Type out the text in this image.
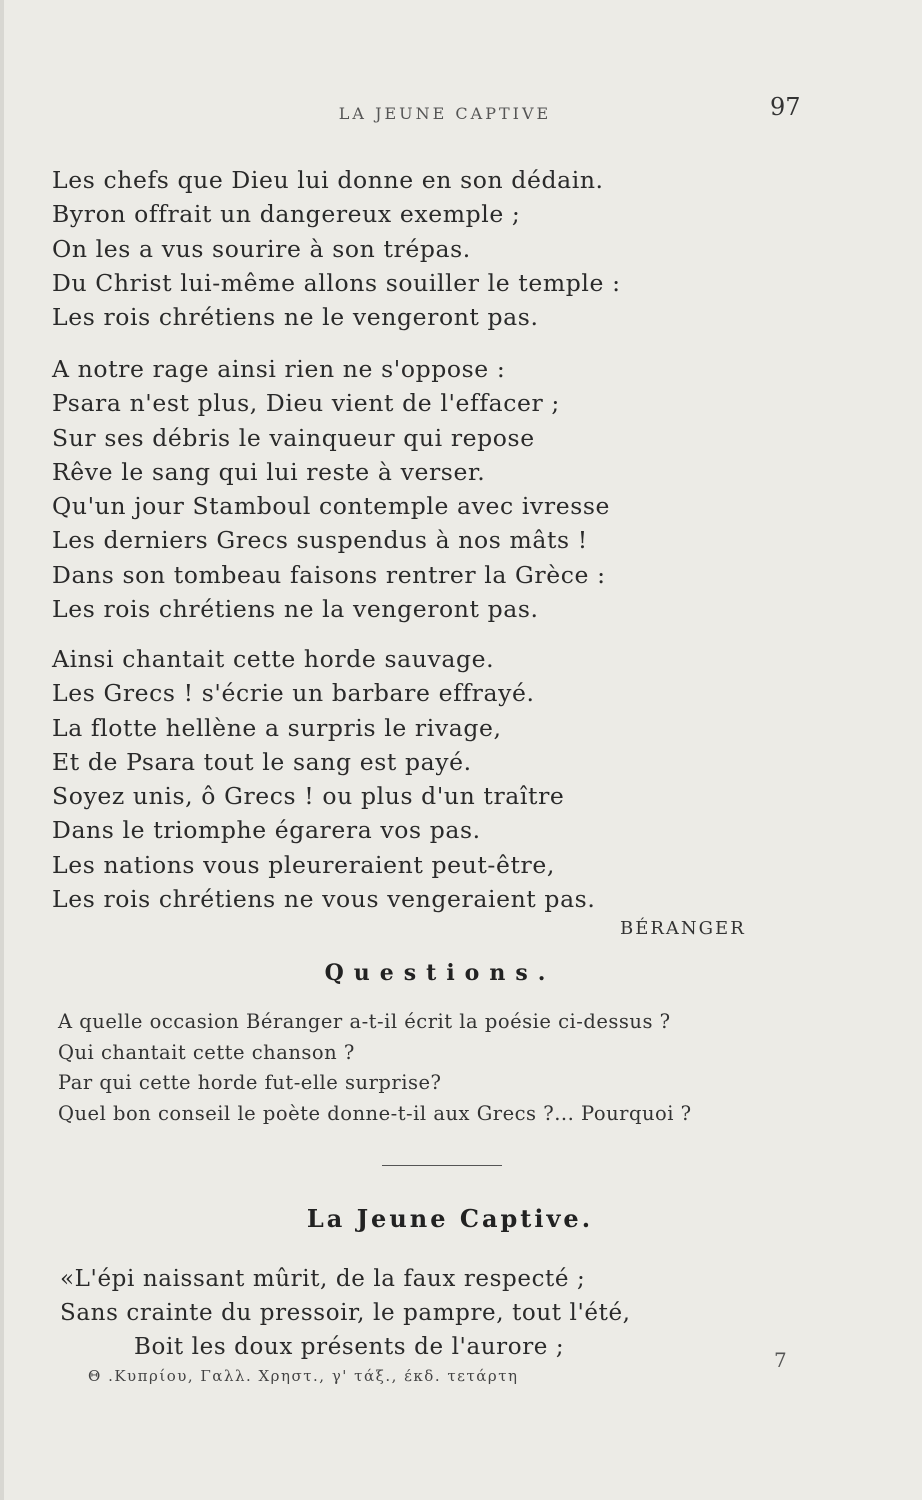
LA JEUNE CAPTIVE	97
Les chefs que Dieu lui donne en son dédain.
Byron offrait un dangereux exemple ;
On les a vus sourire à son trépas.
Du Christ lui-même allons souiller le temple :
Les rois chrétiens ne le vengeront pas.
A notre rage ainsi rien ne s'oppose :
Psara n'est plus, Dieu vient de l'effacer ;
Sur ses débris le vainqueur qui repose
Rêve le sang qui lui reste à verser.
Qu'un jour Stamboul contemple avec ivresse
Les derniers Grecs suspendus à nos mâts !
Dans son tombeau faisons rentrer la Grèce :
Les rois chrétiens ne la vengeront pas.
Ainsi chantait cette horde sauvage.
Les Grecs ! s'écrie un barbare effrayé.
La flotte hellène a surpris le rivage,
Et de Psara tout le sang est payé.
Soyez unis, ô Grecs ! ou plus d'un traître
Dans le triomphe égarera vos pas.
Les nations vous pleureraient peut-être,
Les rois chrétiens ne vous vengeraient pas.
BÉRANGER
Questions.
A quelle occasion Béranger a-t-il écrit la poésie ci-dessus ?
Qui chantait cette chanson ?
Par qui cette horde fut-elle surprise?
Quel bon conseil le poète donne-t-il aux Grecs ?... Pourquoi ?
La Jeune Captive.
«L'épi naissant mûrit, de la faux respecté ;
Sans crainte du pressoir, le pampre, tout l'été,
Boit les doux présents de l'aurore ;
Θ .Κυπρίου, Γαλλ. Χρηστ., γ' τάξ., έκδ. τετάρτη
7
